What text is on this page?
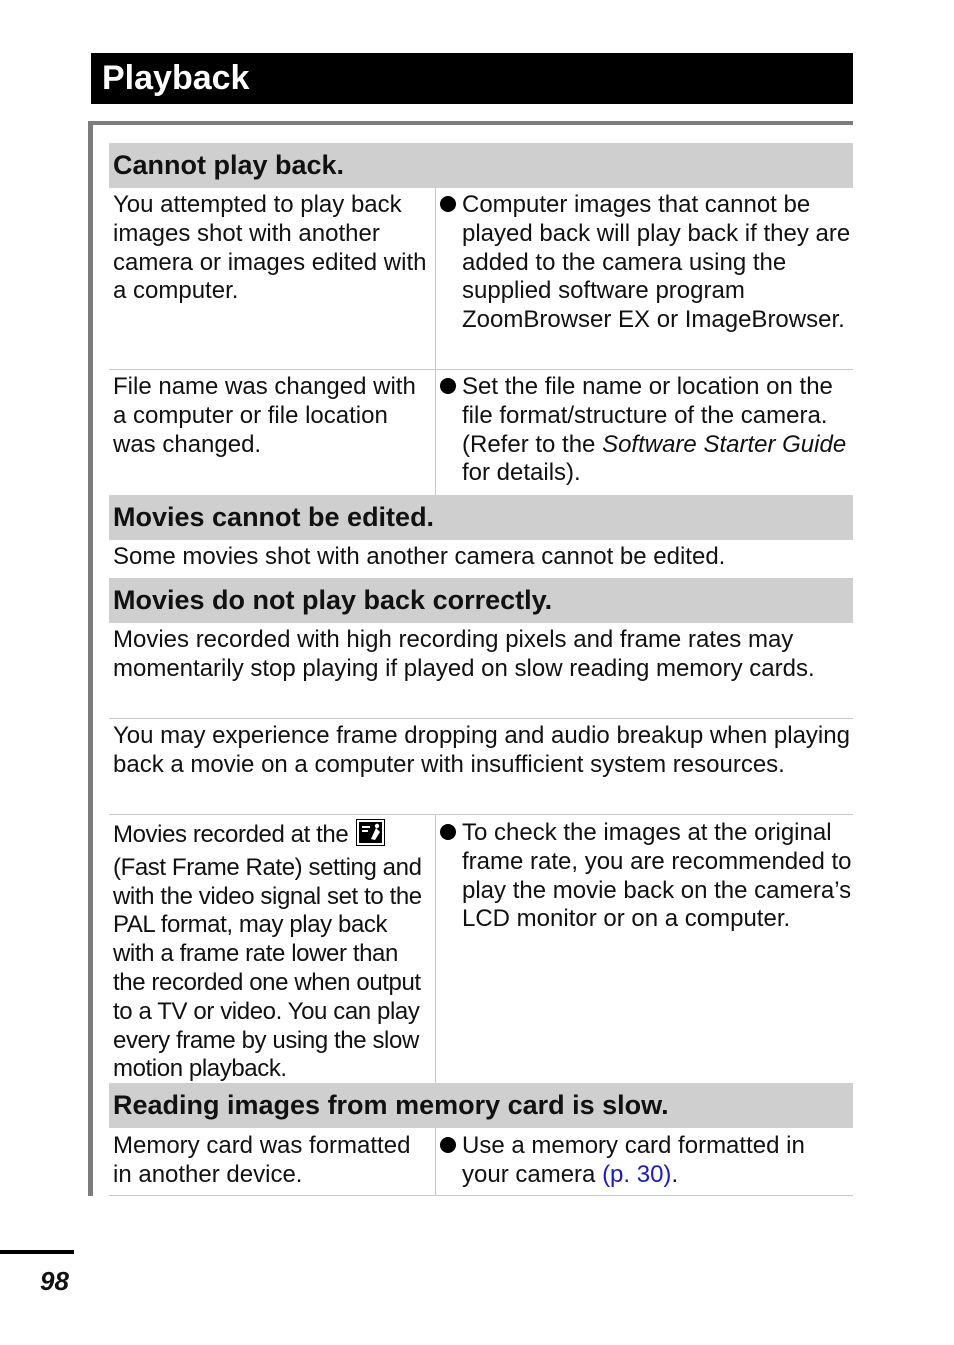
Playback
Cannot play back.
You attempted to play back images shot with another camera or images edited with a computer.
Computer images that cannot be played back will play back if they are added to the camera using the supplied software program ZoomBrowser EX or ImageBrowser.
File name was changed with a computer or file location was changed.
Set the file name or location on the file format/structure of the camera. (Refer to the Software Starter Guide for details).
Movies cannot be edited.
Some movies shot with another camera cannot be edited.
Movies do not play back correctly.
Movies recorded with high recording pixels and frame rates may momentarily stop playing if played on slow reading memory cards.
You may experience frame dropping and audio breakup when playing back a movie on a computer with insufficient system resources.
Movies recorded at the (Fast Frame Rate) setting and with the video signal set to the PAL format, may play back with a frame rate lower than the recorded one when output to a TV or video. You can play every frame by using the slow motion playback.
To check the images at the original frame rate, you are recommended to play the movie back on the camera’s LCD monitor or on a computer.
Reading images from memory card is slow.
Memory card was formatted in another device.
Use a memory card formatted in your camera (p. 30).
98
